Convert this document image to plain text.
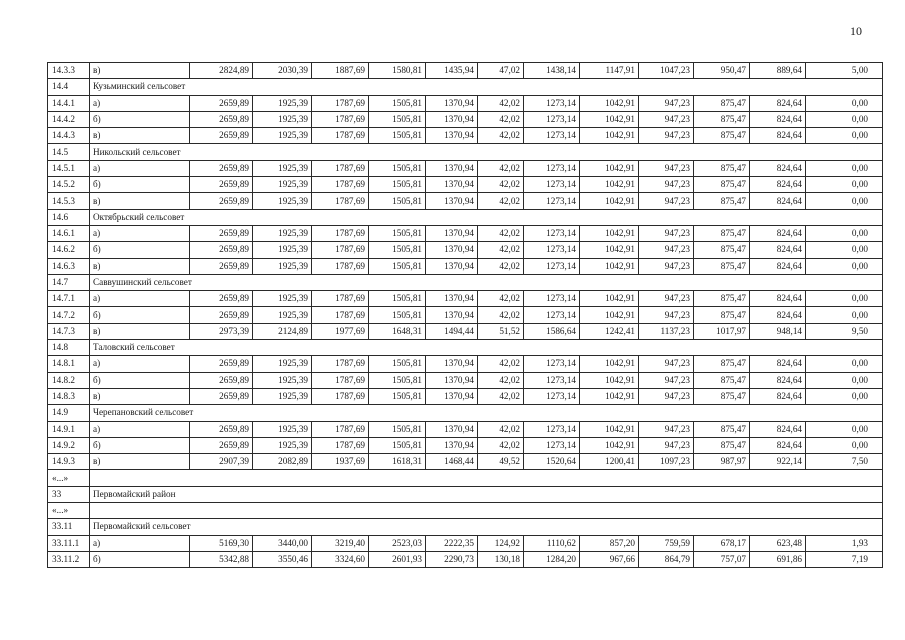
10
14.3.3	в)	2824,89	2030,39	1887,69	1580,81	1435,94	47,02	1438,14	1147,91	1047,23	950,47	889,64	5,00
14.4	Кузьминский сельсовет												
14.4.1	а)	2659,89	1925,39	1787,69	1505,81	1370,94	42,02	1273,14	1042,91	947,23	875,47	824,64	0,00
14.4.2	б)	2659,89	1925,39	1787,69	1505,81	1370,94	42,02	1273,14	1042,91	947,23	875,47	824,64	0,00
14.4.3	в)	2659,89	1925,39	1787,69	1505,81	1370,94	42,02	1273,14	1042,91	947,23	875,47	824,64	0,00
14.5	Никольский сельсовет												
14.5.1	а)	2659,89	1925,39	1787,69	1505,81	1370,94	42,02	1273,14	1042,91	947,23	875,47	824,64	0,00
14.5.2	б)	2659,89	1925,39	1787,69	1505,81	1370,94	42,02	1273,14	1042,91	947,23	875,47	824,64	0,00
14.5.3	в)	2659,89	1925,39	1787,69	1505,81	1370,94	42,02	1273,14	1042,91	947,23	875,47	824,64	0,00
14.6	Октябрьский сельсовет												
14.6.1	а)	2659,89	1925,39	1787,69	1505,81	1370,94	42,02	1273,14	1042,91	947,23	875,47	824,64	0,00
14.6.2	б)	2659,89	1925,39	1787,69	1505,81	1370,94	42,02	1273,14	1042,91	947,23	875,47	824,64	0,00
14.6.3	в)	2659,89	1925,39	1787,69	1505,81	1370,94	42,02	1273,14	1042,91	947,23	875,47	824,64	0,00
14.7	Саввушинский сельсовет												
14.7.1	а)	2659,89	1925,39	1787,69	1505,81	1370,94	42,02	1273,14	1042,91	947,23	875,47	824,64	0,00
14.7.2	б)	2659,89	1925,39	1787,69	1505,81	1370,94	42,02	1273,14	1042,91	947,23	875,47	824,64	0,00
14.7.3	в)	2973,39	2124,89	1977,69	1648,31	1494,44	51,52	1586,64	1242,41	1137,23	1017,97	948,14	9,50
14.8	Таловский сельсовет												
14.8.1	а)	2659,89	1925,39	1787,69	1505,81	1370,94	42,02	1273,14	1042,91	947,23	875,47	824,64	0,00
14.8.2	б)	2659,89	1925,39	1787,69	1505,81	1370,94	42,02	1273,14	1042,91	947,23	875,47	824,64	0,00
14.8.3	в)	2659,89	1925,39	1787,69	1505,81	1370,94	42,02	1273,14	1042,91	947,23	875,47	824,64	0,00
14.9	Черепановский сельсовет												
14.9.1	а)	2659,89	1925,39	1787,69	1505,81	1370,94	42,02	1273,14	1042,91	947,23	875,47	824,64	0,00
14.9.2	б)	2659,89	1925,39	1787,69	1505,81	1370,94	42,02	1273,14	1042,91	947,23	875,47	824,64	0,00
14.9.3	в)	2907,39	2082,89	1937,69	1618,31	1468,44	49,52	1520,64	1200,41	1097,23	987,97	922,14	7,50
«...»													
33	Первомайский район												
«...»													
33.11	Первомайский сельсовет												
33.11.1	а)	5169,30	3440,00	3219,40	2523,03	2222,35	124,92	1110,62	857,20	759,59	678,17	623,48	1,93
33.11.2	б)	5342,88	3550,46	3324,60	2601,93	2290,73	130,18	1284,20	967,66	864,79	757,07	691,86	7,19
